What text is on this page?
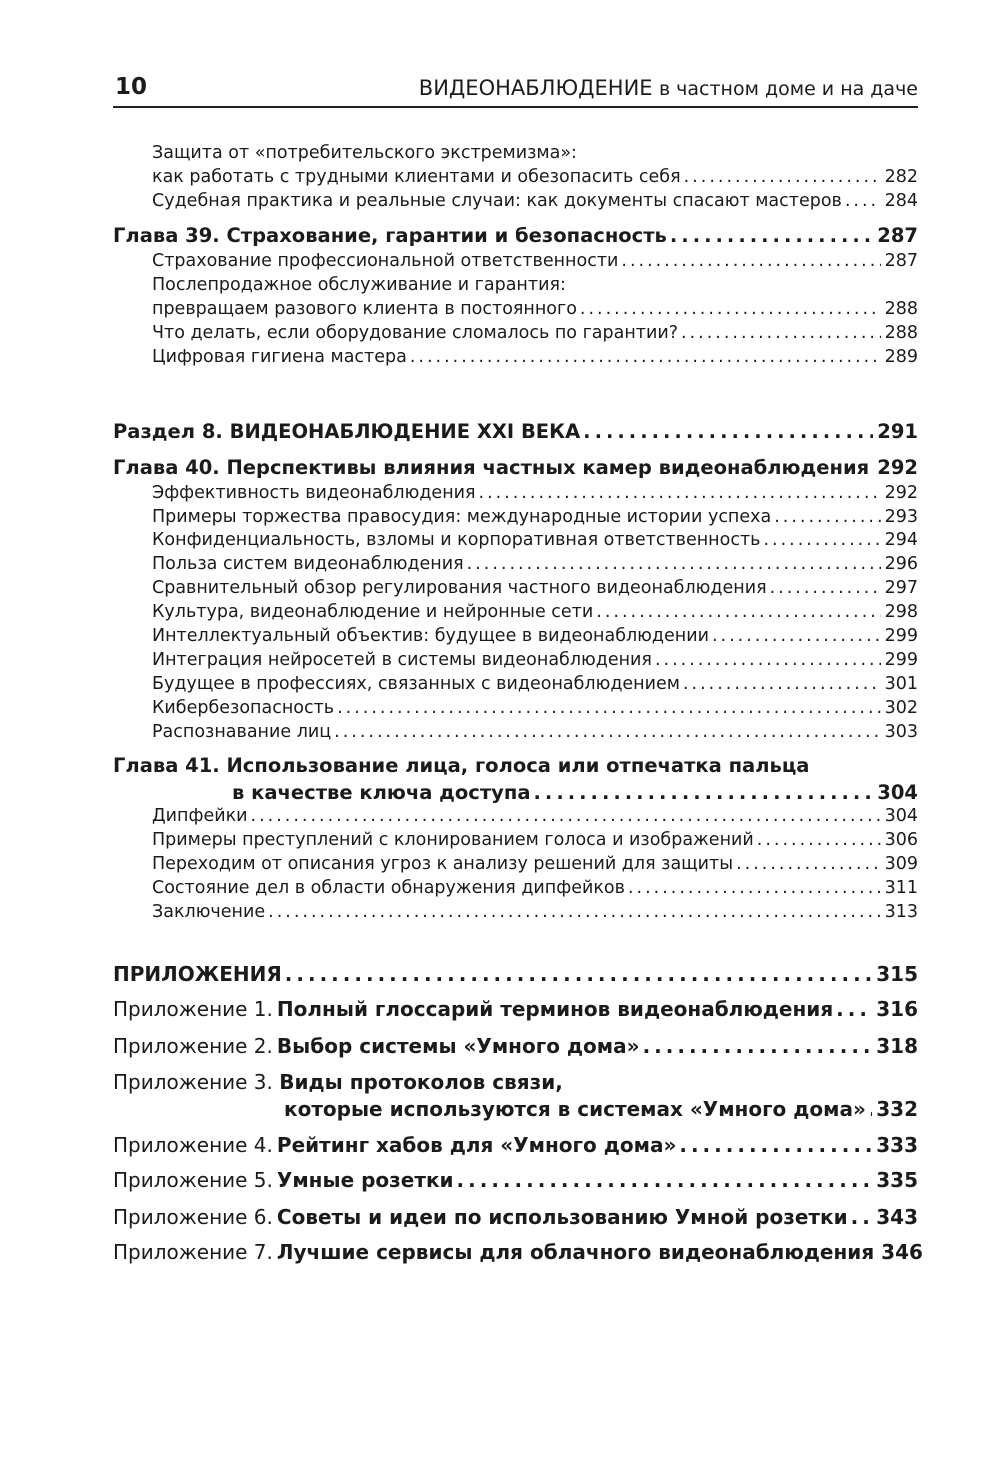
10	ВИДЕОНАБЛЮДЕНИЕ в частном доме и на даче
Защита от «потребительского экстремизма»:
как работать с трудными клиентами и обезопасить себя .....	282
Судебная практика и реальные случаи: как документы спасают мастеров ..... 284
Глава 39. Страхование, гарантии и безопасность .....	287
Страхование профессиональной ответственности .....	287
Послепродажное обслуживание и гарантия:
превращаем разового клиента в постоянного .....	288
Что делать, если оборудование сломалось по гарантии? .....	288
Цифровая гигиена мастера .....	289
Раздел 8. ВИДЕОНАБЛЮДЕНИЕ XXI ВЕКА .....	291
Глава 40. Перспективы влияния частных камер видеонаблюдения ..... 292
Эффективность видеонаблюдения .....	292
Примеры торжества правосудия: международные истории успеха .....	293
Конфиденциальность, взломы и корпоративная ответственность .....	294
Польза систем видеонаблюдения .....	296
Сравнительный обзор регулирования частного видеонаблюдения .....	297
Культура, видеонаблюдение и нейронные сети .....	298
Интеллектуальный объектив: будущее в видеонаблюдении .....	299
Интеграция нейросетей в системы видеонаблюдения .....	299
Будущее в профессиях, связанных с видеонаблюдением .....	301
Кибербезопасность .....	302
Распознавание лиц .....	303
Глава 41. Использование лица, голоса или отпечатка пальца
в качестве ключа доступа .....	304
Дипфейки .....	304
Примеры преступлений с клонированием голоса и изображений .....	306
Переходим от описания угроз к анализу решений для защиты .....	309
Состояние дел в области обнаружения дипфейков .....	311
Заключение .....	313
ПРИЛОЖЕНИЯ .....	315
Приложение 1. Полный глоссарий терминов видеонаблюдения ..... 316
Приложение 2. Выбор системы «Умного дома» .....	318
Приложение 3. Виды протоколов связи,
которые используются в системах «Умного дома» ..... 332
Приложение 4. Рейтинг хабов для «Умного дома» .....	333
Приложение 5. Умные розетки .....	335
Приложение 6. Советы и идеи по использованию Умной розетки ..... 343
Приложение 7. Лучшие сервисы для облачного видеонаблюдения 346
